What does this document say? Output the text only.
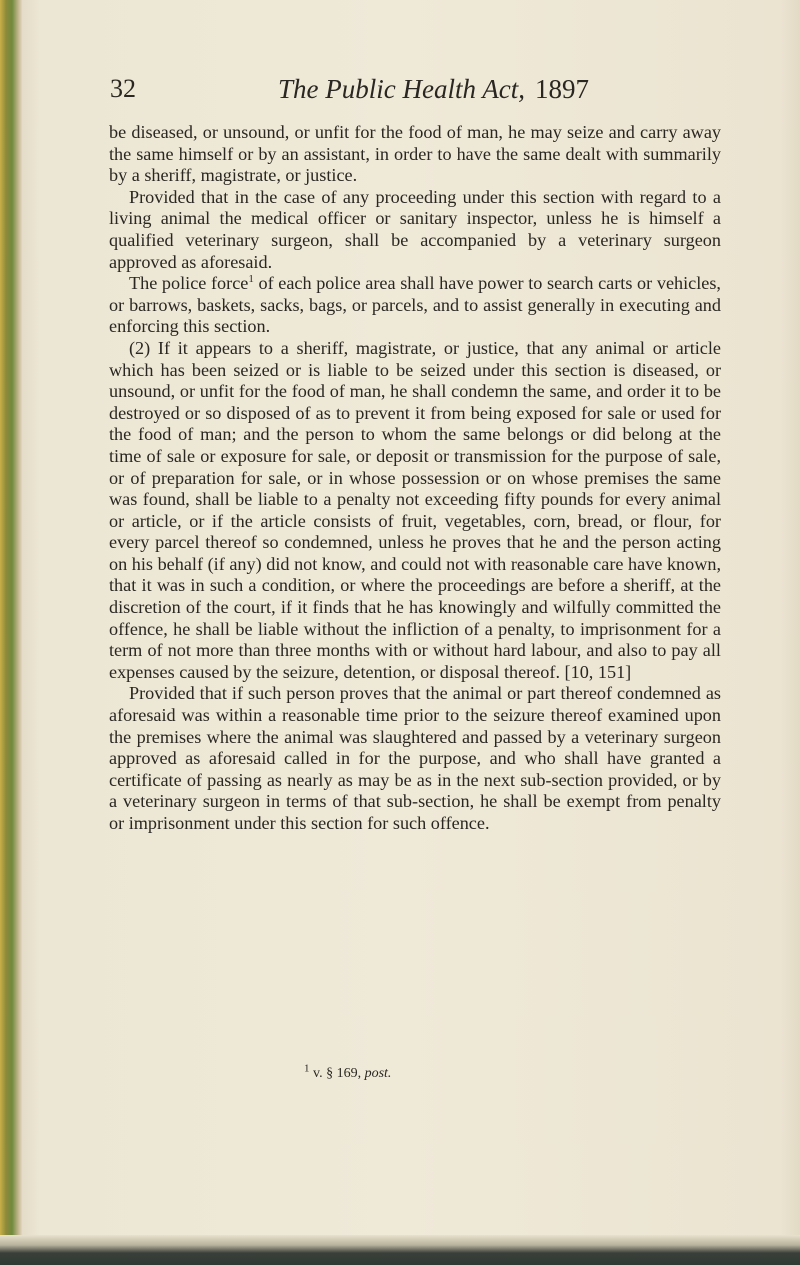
32	The Public Health Act, 1897

be diseased, or unsound, or unfit for the food of man, he may seize and carry away the same himself or by an assistant, in order to have the same dealt with summarily by a sheriff, magistrate, or justice.

Provided that in the case of any proceeding under this section with regard to a living animal the medical officer or sanitary inspector, unless he is himself a qualified veterinary surgeon, shall be accompanied by a veterinary surgeon approved as aforesaid.

The police force$^1$ of each police area shall have power to search carts or vehicles, or barrows, baskets, sacks, bags, or parcels, and to assist generally in executing and enforcing this section.

(2) If it appears to a sheriff, magistrate, or justice, that any animal or article which has been seized or is liable to be seized under this section is diseased, or unsound, or unfit for the food of man, he shall condemn the same, and order it to be destroyed or so disposed of as to prevent it from being exposed for sale or used for the food of man; and the person to whom the same belongs or did belong at the time of sale or exposure for sale, or deposit or transmission for the purpose of sale, or of preparation for sale, or in whose possession or on whose premises the same was found, shall be liable to a penalty not exceeding fifty pounds for every animal or article, or if the article consists of fruit, vegetables, corn, bread, or flour, for every parcel thereof so condemned, unless he proves that he and the person acting on his behalf (if any) did not know, and could not with reasonable care have known, that it was in such a condition, or where the proceedings are before a sheriff, at the discretion of the court, if it finds that he has knowingly and wilfully committed the offence, he shall be liable without the infliction of a penalty, to imprisonment for a term of not more than three months with or without hard labour, and also to pay all expenses caused by the seizure, detention, or disposal thereof. [10, 151]

Provided that if such person proves that the animal or part thereof condemned as aforesaid was within a reasonable time prior to the seizure thereof examined upon the premises where the animal was slaughtered and passed by a veterinary surgeon approved as aforesaid called in for the purpose, and who shall have granted a certificate of passing as nearly as may be as in the next sub-section provided, or by a veterinary surgeon in terms of that sub-section, he shall be exempt from penalty or imprisonment under this section for such offence.

$^1$ v. § 169, post.
